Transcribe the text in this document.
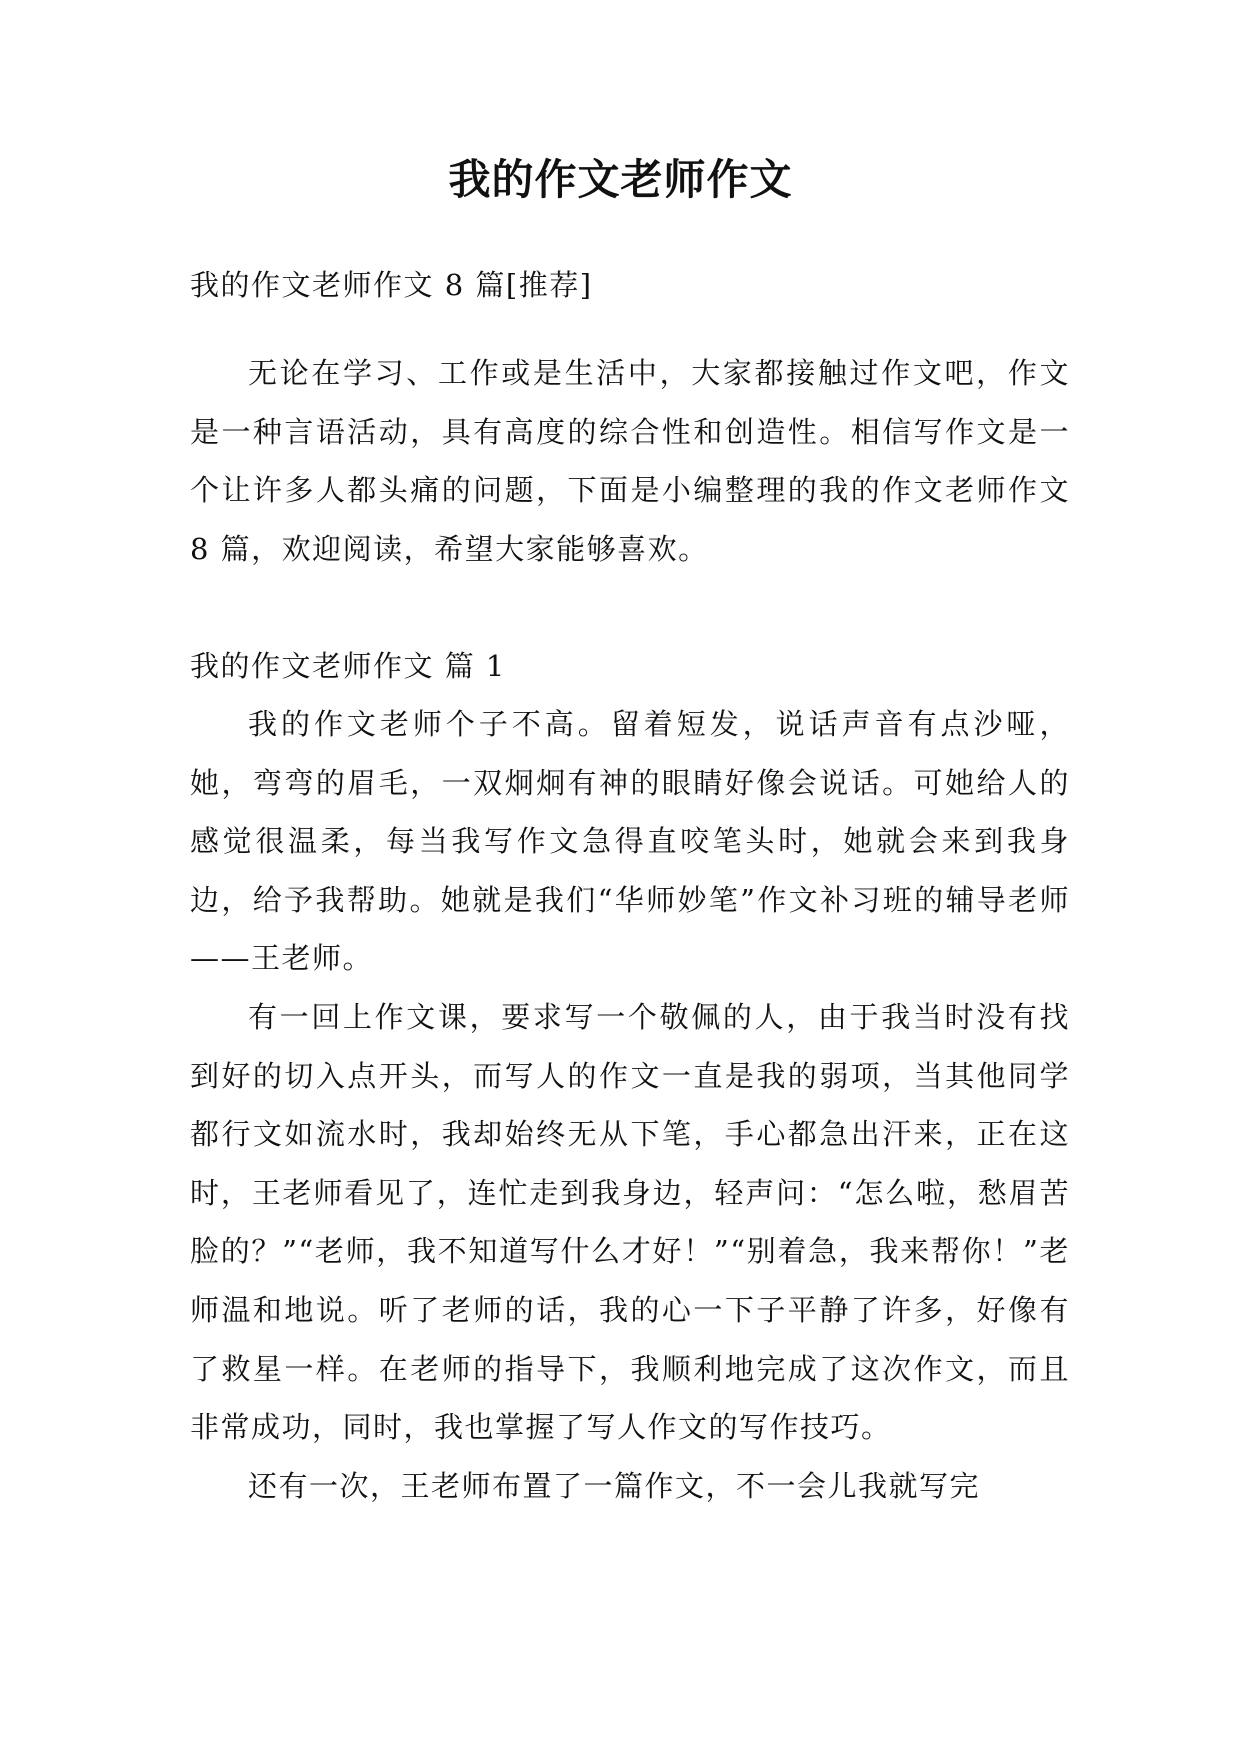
我的作文老师作文
我的作文老师作文 8 篇[推荐]

无论在学习、工作或是生活中，大家都接触过作文吧，作文是一种言语活动，具有高度的综合性和创造性。相信写作文是一个让许多人都头痛的问题，下面是小编整理的我的作文老师作文 8 篇，欢迎阅读，希望大家能够喜欢。

我的作文老师作文 篇 1

我的作文老师个子不高。留着短发，说话声音有点沙哑，她，弯弯的眉毛，一双炯炯有神的眼睛好像会说话。可她给人的感觉很温柔，每当我写作文急得直咬笔头时，她就会来到我身边，给予我帮助。她就是我们“华师妙笔”作文补习班的辅导老师——王老师。

有一回上作文课，要求写一个敬佩的人，由于我当时没有找到好的切入点开头，而写人的作文一直是我的弱项，当其他同学都行文如流水时，我却始终无从下笔，手心都急出汗来，正在这时，王老师看见了，连忙走到我身边，轻声问：“怎么啦，愁眉苦脸的？”“老师，我不知道写什么才好！”“别着急，我来帮你！”老师温和地说。听了老师的话，我的心一下子平静了许多，好像有了救星一样。在老师的指导下，我顺利地完成了这次作文，而且非常成功，同时，我也掌握了写人作文的写作技巧。

还有一次，王老师布置了一篇作文，不一会儿我就写完
